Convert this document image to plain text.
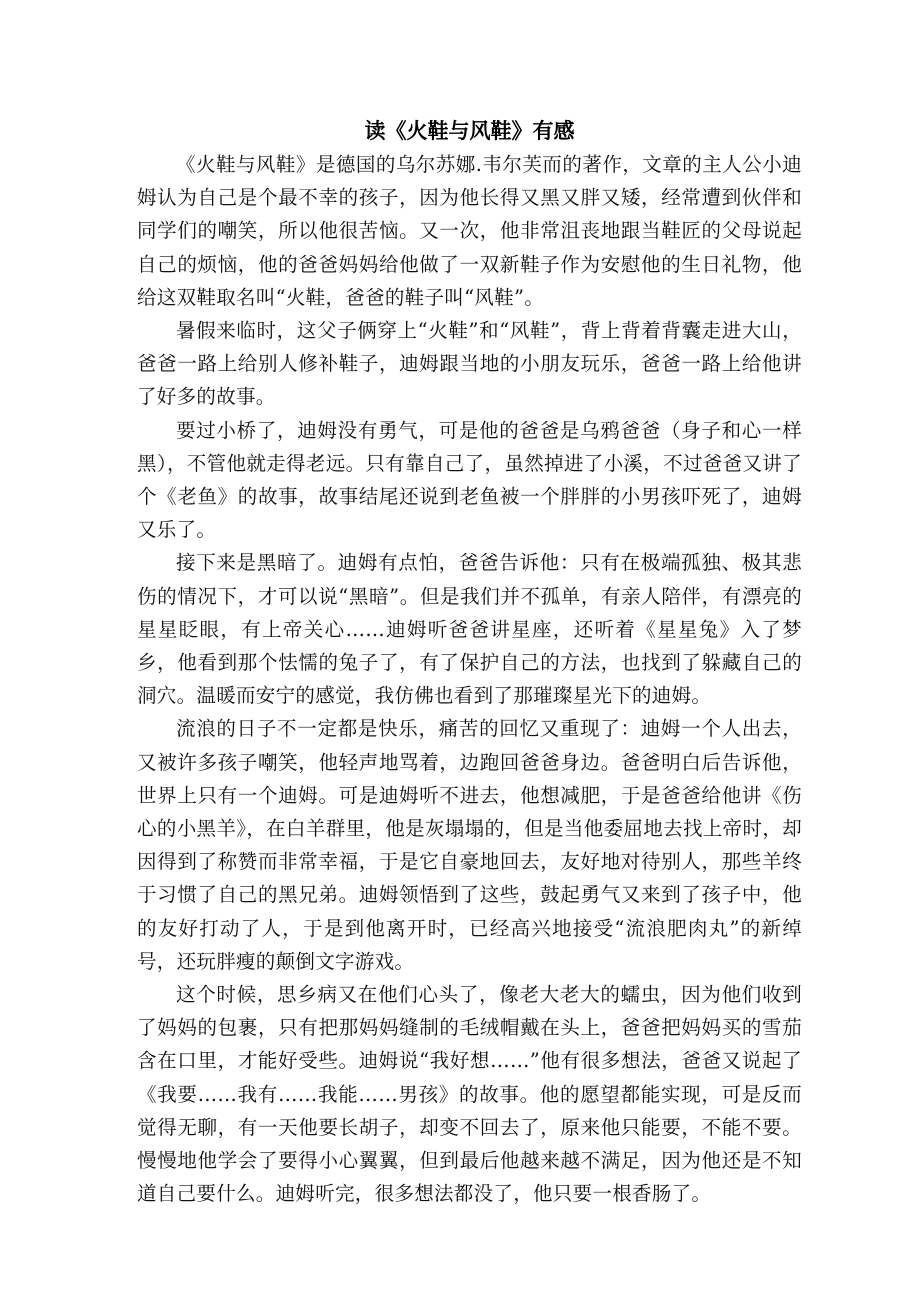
读《火鞋与风鞋》有感

《火鞋与风鞋》是德国的乌尔苏娜.韦尔芙而的著作，文章的主人公小迪姆认为自己是个最不幸的孩子，因为他长得又黑又胖又矮，经常遭到伙伴和同学们的嘲笑，所以他很苦恼。又一次，他非常沮丧地跟当鞋匠的父母说起自己的烦恼，他的爸爸妈妈给他做了一双新鞋子作为安慰他的生日礼物，他给这双鞋取名叫“火鞋，爸爸的鞋子叫“风鞋”。

暑假来临时，这父子俩穿上“火鞋”和“风鞋”，背上背着背囊走进大山，爸爸一路上给别人修补鞋子，迪姆跟当地的小朋友玩乐，爸爸一路上给他讲了好多的故事。

要过小桥了，迪姆没有勇气，可是他的爸爸是乌鸦爸爸（身子和心一样黑），不管他就走得老远。只有靠自己了，虽然掉进了小溪，不过爸爸又讲了个《老鱼》的故事，故事结尾还说到老鱼被一个胖胖的小男孩吓死了，迪姆又乐了。

接下来是黑暗了。迪姆有点怕，爸爸告诉他：只有在极端孤独、极其悲伤的情况下，才可以说“黑暗”。但是我们并不孤单，有亲人陪伴，有漂亮的星星眨眼，有上帝关心……迪姆听爸爸讲星座，还听着《星星兔》入了梦乡，他看到那个怯懦的兔子了，有了保护自己的方法，也找到了躲藏自己的洞穴。温暖而安宁的感觉，我仿佛也看到了那璀璨星光下的迪姆。

流浪的日子不一定都是快乐，痛苦的回忆又重现了：迪姆一个人出去，又被许多孩子嘲笑，他轻声地骂着，边跑回爸爸身边。爸爸明白后告诉他，世界上只有一个迪姆。可是迪姆听不进去，他想减肥，于是爸爸给他讲《伤心的小黑羊》，在白羊群里，他是灰塌塌的，但是当他委屈地去找上帝时，却因得到了称赞而非常幸福，于是它自豪地回去，友好地对待别人，那些羊终于习惯了自己的黑兄弟。迪姆领悟到了这些，鼓起勇气又来到了孩子中，他的友好打动了人，于是到他离开时，已经高兴地接受“流浪肥肉丸”的新绰号，还玩胖瘦的颠倒文字游戏。

这个时候，思乡病又在他们心头了，像老大老大的蠕虫，因为他们收到了妈妈的包裹，只有把那妈妈缝制的毛绒帽戴在头上，爸爸把妈妈买的雪茄含在口里，才能好受些。迪姆说“我好想……”他有很多想法，爸爸又说起了《我要……我有……我能……男孩》的故事。他的愿望都能实现，可是反而觉得无聊，有一天他要长胡子，却变不回去了，原来他只能要，不能不要。慢慢地他学会了要得小心翼翼，但到最后他越来越不满足，因为他还是不知道自己要什么。迪姆听完，很多想法都没了，他只要一根香肠了。
